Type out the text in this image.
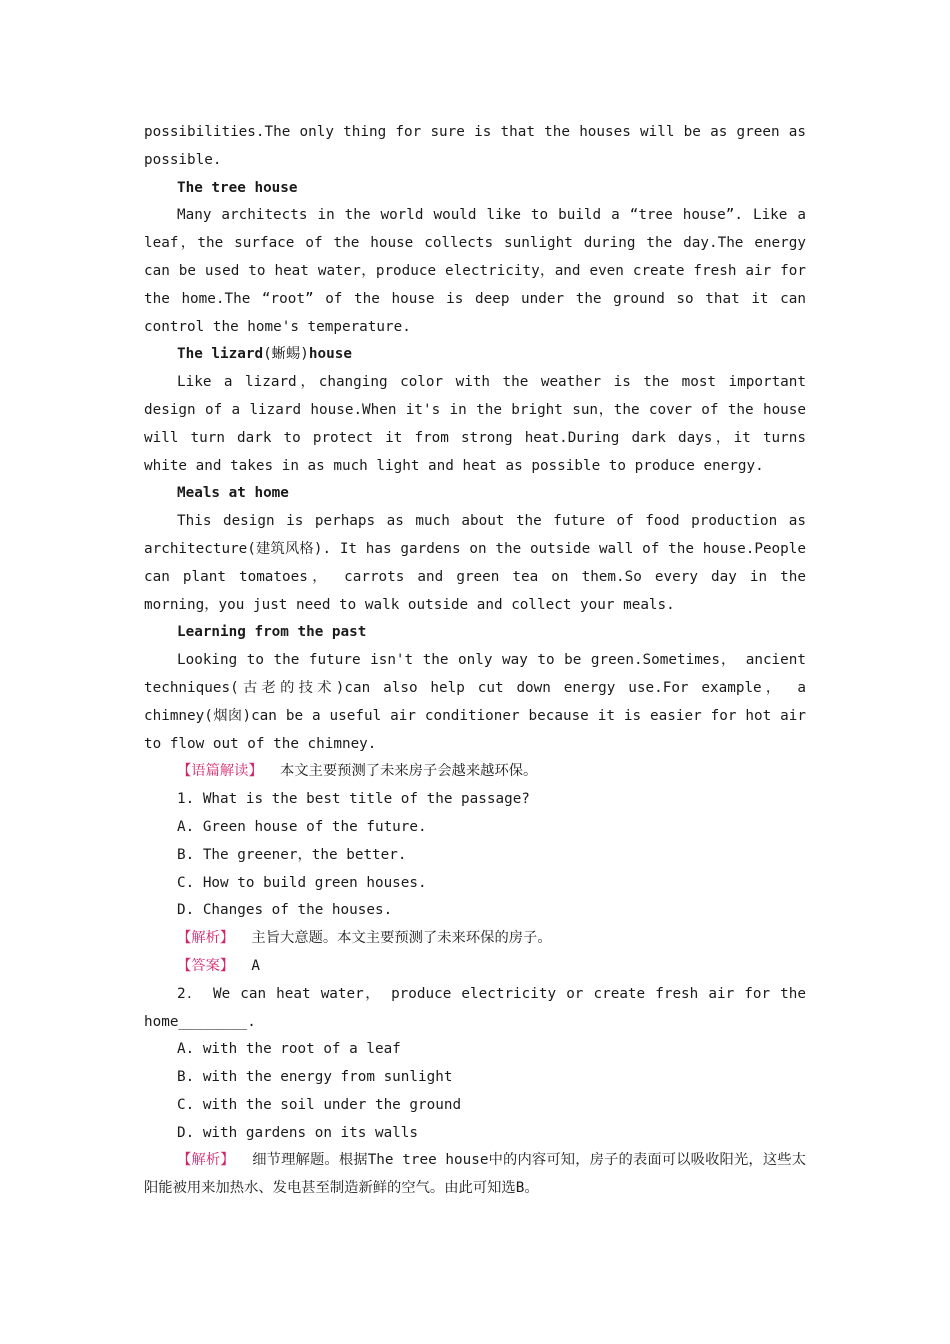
possibilities.The only thing for sure is that the houses will be as green as possible.

The tree house

Many architects in the world would like to build a “tree house”. Like a leaf，the surface of the house collects sunlight during the day.The energy can be used to heat water，produce electricity，and even create fresh air for the home.The “root” of the house is deep under the ground so that it can control the home's temperature.

The lizard(蜥蜴)house

Like a lizard，changing color with the weather is the most important design of a lizard house.When it's in the bright sun，the cover of the house will turn dark to protect it from strong heat.During dark days，it turns white and takes in as much light and heat as possible to produce energy.

Meals at home

This design is perhaps as much about the future of food production as architecture(建筑风格). It has gardens on the outside wall of the house.People can plant tomatoes， carrots and green tea on them.So every day in the morning，you just need to walk outside and collect your meals.

Learning from the past

Looking to the future isn't the only way to be green.Sometimes， ancient techniques(古老的技术)can also help cut down energy use.For example， a chimney(烟囱)can be a useful air conditioner because it is easier for hot air to flow out of the chimney.

【语篇解读】 本文主要预测了未来房子会越来越环保。

1. What is the best title of the passage?

A. Green house of the future.

B. The greener，the better.

C. How to build green houses.

D. Changes of the houses.

【解析】 主旨大意题。本文主要预测了未来环保的房子。

【答案】 A

2． We can heat water， produce electricity or create fresh air for the home________.

A. with the root of a leaf

B. with the energy from sunlight

C. with the soil under the ground

D. with gardens on its walls

【解析】 细节理解题。根据The tree house中的内容可知，房子的表面可以吸收阳光，这些太阳能被用来加热水、发电甚至制造新鲜的空气。由此可知选B。
